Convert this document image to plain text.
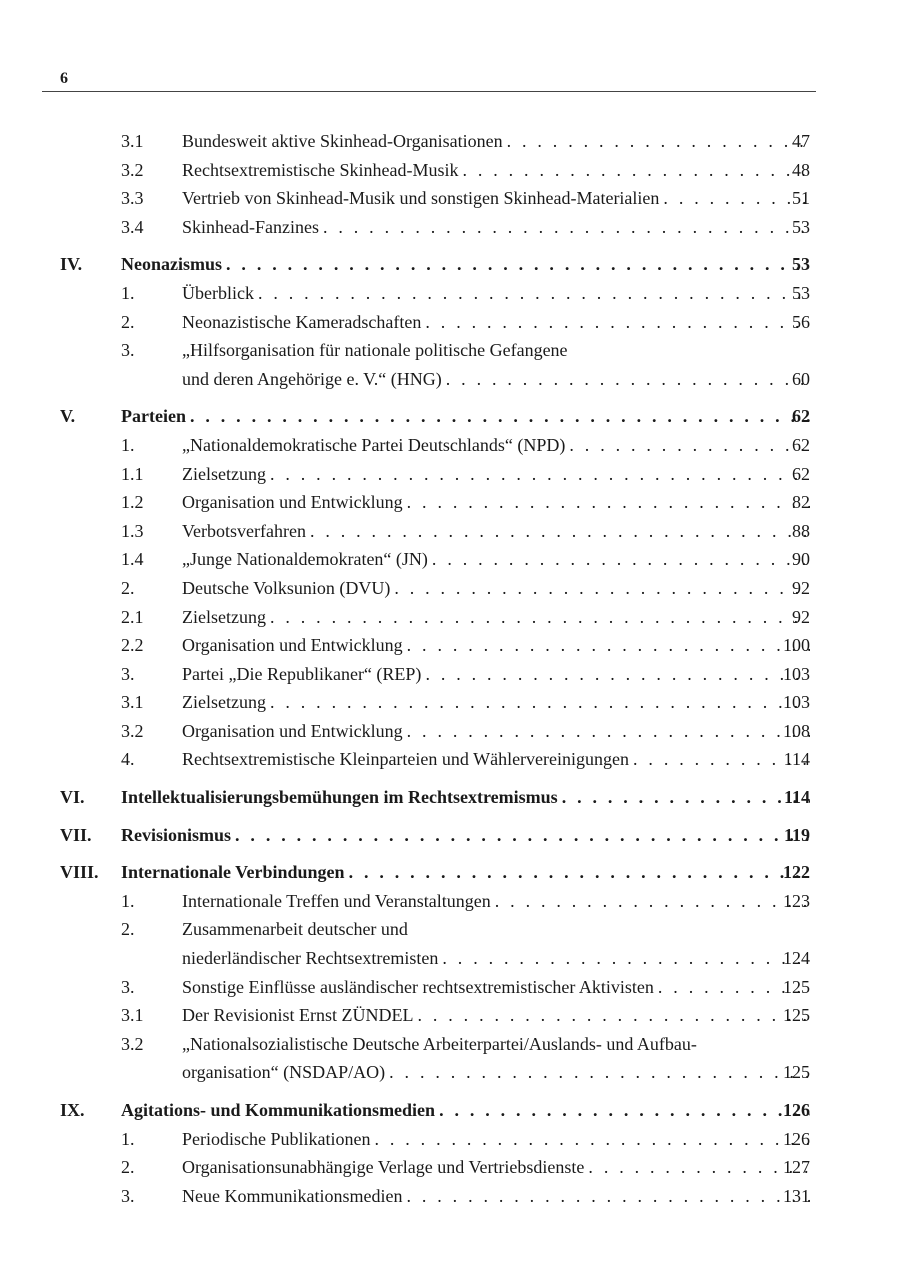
6
3.1 Bundesweit aktive Skinhead-Organisationen . . .	47
3.2 Rechtsextremistische Skinhead-Musik . . .	48
3.3 Vertrieb von Skinhead-Musik und sonstigen Skinhead-Materialien . . .	51
3.4 Skinhead-Fanzines . . .	53
IV. Neonazismus . . .	53
1.	Überblick . . .	53
2.	Neonazistische Kameradschaften . . .	56
3.	„Hilfsorganisation für nationale politische Gefangene
und deren Angehörige e. V.“ (HNG) . . .	60
V.	Parteien . . .	62
1.	„Nationaldemokratische Partei Deutschlands“ (NPD) . . .	62
1.1 Zielsetzung . . .	62
1.2 Organisation und Entwicklung . . .	82
1.3 Verbotsverfahren . . .	88
1.4 „Junge Nationaldemokraten“ (JN) . . .	90
2.	Deutsche Volksunion (DVU) . . .	92
2.1 Zielsetzung . . .	92
2.2 Organisation und Entwicklung . . .	100
3.	Partei „Die Republikaner“ (REP) . . .	103
3.1 Zielsetzung . . .	103
3.2 Organisation und Entwicklung . . .	108
4.	Rechtsextremistische Kleinparteien und Wählervereinigungen . . .	114
VI. Intellektualisierungsbemühungen im Rechtsextremismus . . .	114
VII. Revisionismus . . .	119
VIII. Internationale Verbindungen . . .	122
1.	Internationale Treffen und Veranstaltungen . . .	123
2.	Zusammenarbeit deutscher und
niederländischer Rechtsextremisten . . .	124
3.	Sonstige Einflüsse ausländischer rechtsextremistischer Aktivisten . . .	125
3.1 Der Revisionist Ernst ZÜNDEL . . .	125
3.2 „Nationalsozialistische Deutsche Arbeiterpartei/Auslands- und Aufbau-
organisation“ (NSDAP/AO) . . .	125
IX. Agitations- und Kommunikationsmedien . . .	126
1.	Periodische Publikationen . . .	126
2.	Organisationsunabhängige Verlage und Vertriebsdienste . . .	127
3.	Neue Kommunikationsmedien . . .	131
